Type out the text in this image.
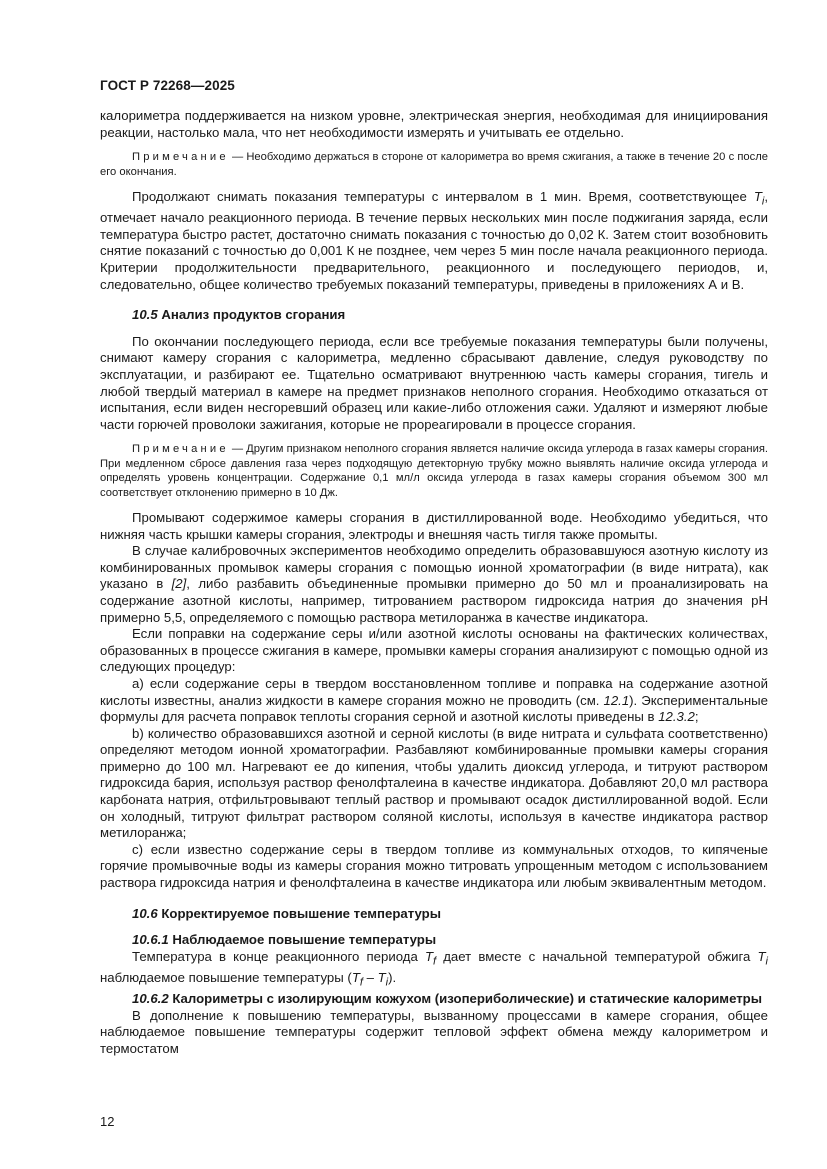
ГОСТ Р 72268—2025

калориметра поддерживается на низком уровне, электрическая энергия, необходимая для инициирования реакции, настолько мала, что нет необходимости измерять и учитывать ее отдельно.

Примечание — Необходимо держаться в стороне от калориметра во время сжигания, а также в течение 20 с после его окончания.

Продолжают снимать показания температуры с интервалом в 1 мин. Время, соответствующее $T_i$, отмечает начало реакционного периода. В течение первых нескольких мин после поджигания заряда, если температура быстро растет, достаточно снимать показания с точностью до 0,02 К. Затем стоит возобновить снятие показаний с точностью до 0,001 К не позднее, чем через 5 мин после начала реакционного периода. Критерии продолжительности предварительного, реакционного и последующего периодов, и, следовательно, общее количество требуемых показаний температуры, приведены в приложениях А и В.

10.5 Анализ продуктов сгорания

По окончании последующего периода, если все требуемые показания температуры были получены, снимают камеру сгорания с калориметра, медленно сбрасывают давление, следуя руководству по эксплуатации, и разбирают ее. Тщательно осматривают внутреннюю часть камеры сгорания, тигель и любой твердый материал в камере на предмет признаков неполного сгорания. Необходимо отказаться от испытания, если виден несгоревший образец или какие-либо отложения сажи. Удаляют и измеряют любые части горючей проволоки зажигания, которые не прореагировали в процессе сгорания.

Примечание — Другим признаком неполного сгорания является наличие оксида углерода в газах камеры сгорания. При медленном сбросе давления газа через подходящую детекторную трубку можно выявлять наличие оксида углерода и определять уровень концентрации. Содержание 0,1 мл/л оксида углерода в газах камеры сгорания объемом 300 мл соответствует отклонению примерно в 10 Дж.

Промывают содержимое камеры сгорания в дистиллированной воде. Необходимо убедиться, что нижняя часть крышки камеры сгорания, электроды и внешняя часть тигля также промыты.

В случае калибровочных экспериментов необходимо определить образовавшуюся азотную кислоту из комбинированных промывок камеры сгорания с помощью ионной хроматографии (в виде нитрата), как указано в [2], либо разбавить объединенные промывки примерно до 50 мл и проанализировать на содержание азотной кислоты, например, титрованием раствором гидроксида натрия до значения pH примерно 5,5, определяемого с помощью раствора метилоранжа в качестве индикатора.

Если поправки на содержание серы и/или азотной кислоты основаны на фактических количествах, образованных в процессе сжигания в камере, промывки камеры сгорания анализируют с помощью одной из следующих процедур:

a) если содержание серы в твердом восстановленном топливе и поправка на содержание азотной кислоты известны, анализ жидкости в камере сгорания можно не проводить (см. 12.1). Экспериментальные формулы для расчета поправок теплоты сгорания серной и азотной кислоты приведены в 12.3.2;

b) количество образовавшихся азотной и серной кислоты (в виде нитрата и сульфата соответственно) определяют методом ионной хроматографии. Разбавляют комбинированные промывки камеры сгорания примерно до 100 мл. Нагревают ее до кипения, чтобы удалить диоксид углерода, и титруют раствором гидроксида бария, используя раствор фенолфталеина в качестве индикатора. Добавляют 20,0 мл раствора карбоната натрия, отфильтровывают теплый раствор и промывают осадок дистиллированной водой. Если он холодный, титруют фильтрат раствором соляной кислоты, используя в качестве индикатора раствор метилоранжа;

c) если известно содержание серы в твердом топливе из коммунальных отходов, то кипяченые горячие промывочные воды из камеры сгорания можно титровать упрощенным методом с использованием раствора гидроксида натрия и фенолфталеина в качестве индикатора или любым эквивалентным методом.

10.6 Корректируемое повышение температуры

10.6.1 Наблюдаемое повышение температуры

Температура в конце реакционного периода $T_f$ дает вместе с начальной температурой обжига $T_i$ наблюдаемое повышение температуры $(T_f - T_i)$.

10.6.2 Калориметры с изолирующим кожухом (изопериболические) и статические калориметры

В дополнение к повышению температуры, вызванному процессами в камере сгорания, общее наблюдаемое повышение температуры содержит тепловой эффект обмена между калориметром и термостатом

12
